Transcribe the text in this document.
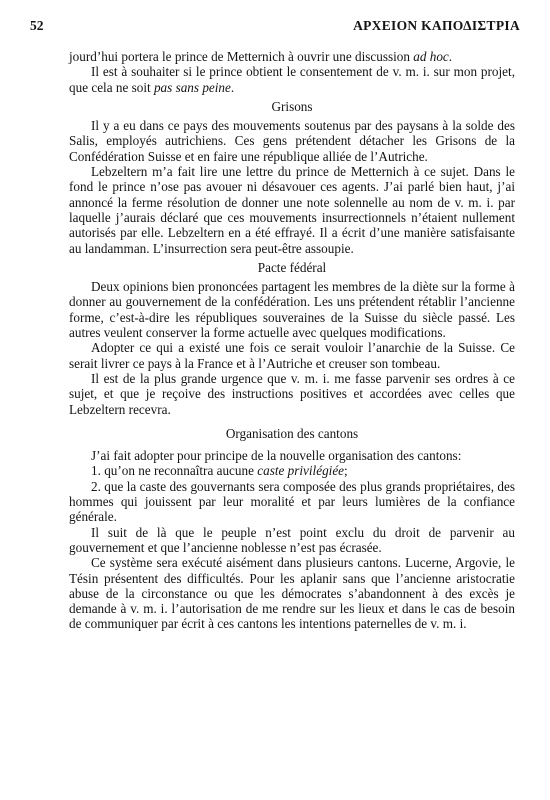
52	ΑΡΧΕΙΟΝ ΚΑΠΟΔΙΣΤΡΙΑ

jourd’hui portera le prince de Metternich à ouvrir une discussion ad hoc.

Il est à souhaiter si le prince obtient le consentement de v. m. i. sur mon projet, que cela ne soit pas sans peine.

Grisons

Il y a eu dans ce pays des mouvements soutenus par des paysans à la solde des Salis, employés autrichiens. Ces gens prétendent détacher les Grisons de la Confédération Suisse et en faire une république alliée de l’Autriche.

Lebzeltern m’a fait lire une lettre du prince de Metternich à ce sujet. Dans le fond le prince n’ose pas avouer ni désavouer ces agents. J’ai parlé bien haut, j’ai annoncé la ferme résolution de donner une note solennelle au nom de v. m. i. par laquelle j’aurais déclaré que ces mouvements insurrectionnels n’étaient nullement autorisés par elle. Lebzeltern en a été effrayé. Il a écrit d’une manière satisfaisante au landamman. L’insurrection sera peut-être assoupie.

Pacte fédéral

Deux opinions bien prononcées partagent les membres de la diète sur la forme à donner au gouvernement de la confédération. Les uns prétendent rétablir l’ancienne forme, c’est-à-dire les républiques souveraines de la Suisse du siècle passé. Les autres veulent conserver la forme actuelle avec quelques modifications.

Adopter ce qui a existé une fois ce serait vouloir l’anarchie de la Suisse. Ce serait livrer ce pays à la France et à l’Autriche et creuser son tombeau.

Il est de la plus grande urgence que v. m. i. me fasse parvenir ses ordres à ce sujet, et que je reçoive des instructions positives et accordées avec celles que Lebzeltern recevra.

Organisation des cantons

J’ai fait adopter pour principe de la nouvelle organisation des cantons:

1. qu’on ne reconnaîtra aucune caste privilégiée;

2. que la caste des gouvernants sera composée des plus grands propriétaires, des hommes qui jouissent par leur moralité et par leurs lumières de la confiance générale.

Il suit de là que le peuple n’est point exclu du droit de parvenir au gouvernement et que l’ancienne noblesse n’est pas écrasée.

Ce système sera exécuté aisément dans plusieurs cantons. Lucerne, Argovie, le Tésin présentent des difficultés. Pour les aplanir sans que l’ancienne aristocratie abuse de la circonstance ou que les démocrates s’abandonnent à des excès je demande à v. m. i. l’autorisation de me rendre sur les lieux et dans le cas de besoin de communiquer par écrit à ces cantons les intentions paternelles de v. m. i.
